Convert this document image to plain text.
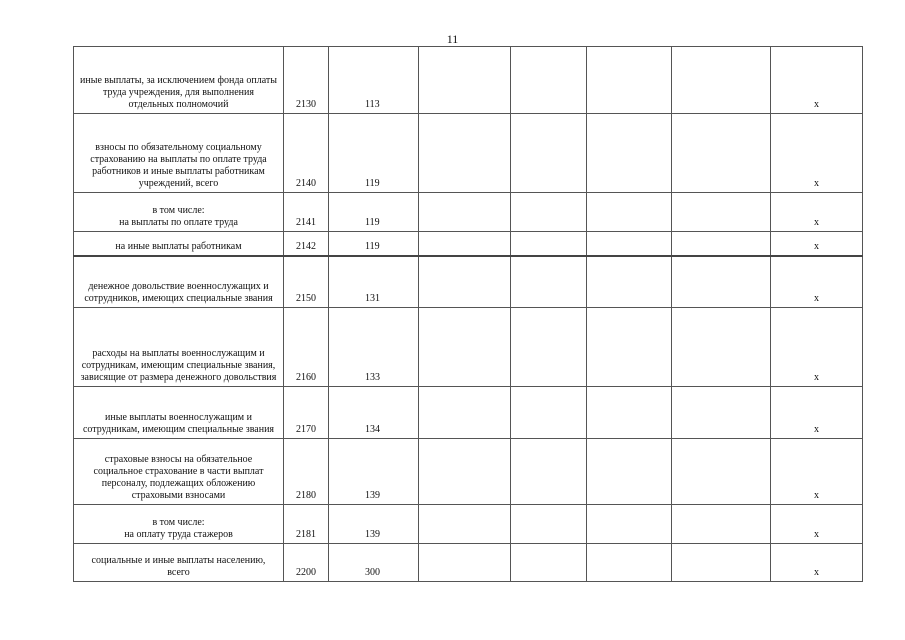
11
иные выплаты, за исключением фонда оплаты труда учреждения, для выполнения отдельных полномочий	2130	113					x
взносы по обязательному социальному страхованию на выплаты по оплате труда работников и иные выплаты работникам учреждений, всего	2140	119					x
в том числе:
на выплаты по оплате труда	2141	119					x
на иные выплаты работникам	2142	119					x
денежное довольствие военнослужащих и сотрудников, имеющих специальные звания	2150	131					x
расходы на выплаты военнослужащим и сотрудникам, имеющим специальные звания, зависящие от размера денежного довольствия	2160	133					x
иные выплаты военнослужащим и сотрудникам, имеющим специальные звания	2170	134					x
страховые взносы на обязательное социальное страхование в части выплат персоналу, подлежащих обложению страховыми взносами	2180	139					x
в том числе:
на оплату труда стажеров	2181	139					x
социальные и иные выплаты населению, всего	2200	300					x
